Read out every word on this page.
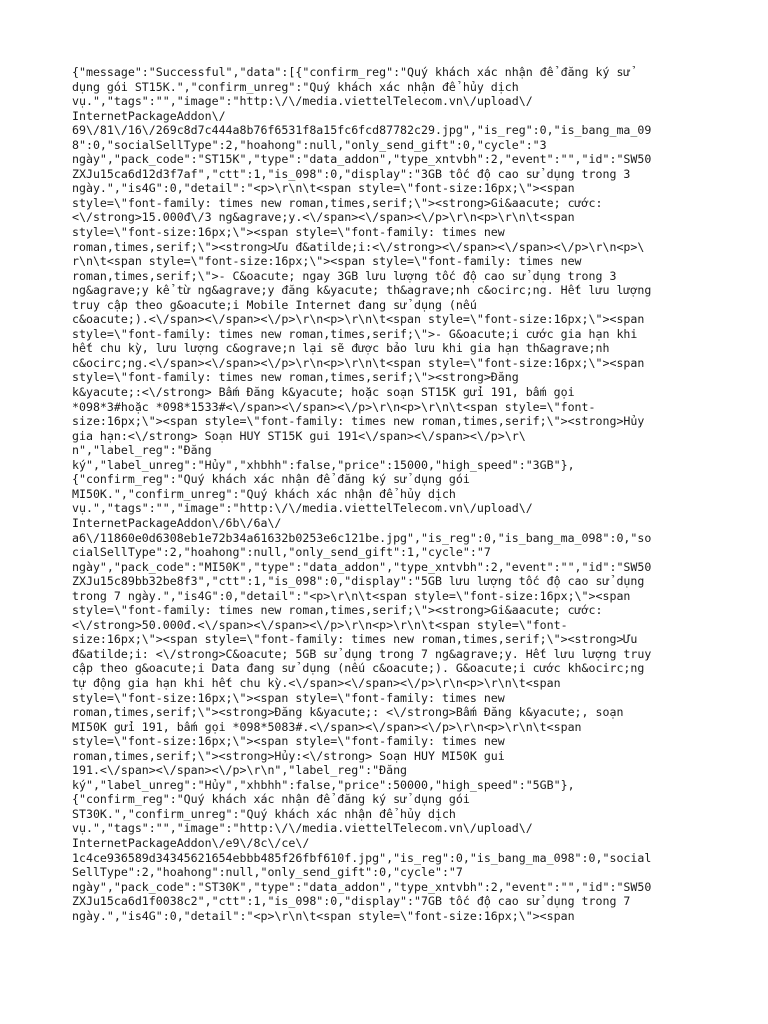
{"message":"Successful","data":[{"confirm_reg":"Quý khách xác nhận để đăng ký sử
dụng gói ST15K.","confirm_unreg":"Quý khách xác nhận để hủy dịch
vụ.","tags":"","image":"http:\/\/media.viettelTelecom.vn\/upload\/
InternetPackageAddon\/
69\/81\/16\/269c8d7c444a8b76f6531f8a15fc6fcd87782c29.jpg","is_reg":0,"is_bang_ma_09
8":0,"socialSellType":2,"hoahong":null,"only_send_gift":0,"cycle":"3
ngày","pack_code":"ST15K","type":"data_addon","type_xntvbh":2,"event":"","id":"SW50
ZXJu15ca6d12d3f7af","ctt":1,"is_098":0,"display":"3GB tốc độ cao sử dụng trong 3
ngày.","is4G":0,"detail":"<p>\r\n\t<span style=\"font-size:16px;\"><span
style=\"font-family: times new roman,times,serif;\"><strong>Gi&aacute; cước:
<\/strong>15.000đ\/3 ng&agrave;y.<\/span><\/span><\/p>\r\n<p>\r\n\t<span
style=\"font-size:16px;\"><span style=\"font-family: times new
roman,times,serif;\"><strong>Ưu đ&atilde;i:<\/strong><\/span><\/span><\/p>\r\n<p>\
r\n\t<span style=\"font-size:16px;\"><span style=\"font-family: times new
roman,times,serif;\">- C&oacute; ngay 3GB lưu lượng tốc độ cao sử dụng trong 3
ng&agrave;y kể từ ng&agrave;y đăng k&yacute; th&agrave;nh c&ocirc;ng. Hết lưu lượng
truy cập theo g&oacute;i Mobile Internet đang sử dụng (nếu
c&oacute;).<\/span><\/span><\/p>\r\n<p>\r\n\t<span style=\"font-size:16px;\"><span
style=\"font-family: times new roman,times,serif;\">- G&oacute;i cước gia hạn khi
hết chu kỳ, lưu lượng c&ograve;n lại sẽ được bảo lưu khi gia hạn th&agrave;nh
c&ocirc;ng.<\/span><\/span><\/p>\r\n<p>\r\n\t<span style=\"font-size:16px;\"><span
style=\"font-family: times new roman,times,serif;\"><strong>Đăng
k&yacute;:<\/strong> Bấm Đăng k&yacute; hoặc soạn ST15K gửi 191, bấm gọi
*098*3#hoặc *098*1533#<\/span><\/span><\/p>\r\n<p>\r\n\t<span style=\"font-
size:16px;\"><span style=\"font-family: times new roman,times,serif;\"><strong>Hủy
gia hạn:<\/strong> Soạn HUY ST15K gui 191<\/span><\/span><\/p>\r\
n","label_reg":"Đăng
ký","label_unreg":"Hủy","xhbhh":false,"price":15000,"high_speed":"3GB"},
{"confirm_reg":"Quý khách xác nhận để đăng ký sử dụng gói
MI50K.","confirm_unreg":"Quý khách xác nhận để hủy dịch
vụ.","tags":"","image":"http:\/\/media.viettelTelecom.vn\/upload\/
InternetPackageAddon\/6b\/6a\/
a6\/11860e0d6308eb1e72b34a61632b0253e6c121be.jpg","is_reg":0,"is_bang_ma_098":0,"so
cialSellType":2,"hoahong":null,"only_send_gift":1,"cycle":"7
ngày","pack_code":"MI50K","type":"data_addon","type_xntvbh":2,"event":"","id":"SW50
ZXJu15c89bb32be8f3","ctt":1,"is_098":0,"display":"5GB lưu lượng tốc độ cao sử dụng
trong 7 ngày.","is4G":0,"detail":"<p>\r\n\t<span style=\"font-size:16px;\"><span
style=\"font-family: times new roman,times,serif;\"><strong>Gi&aacute; cước:
<\/strong>50.000đ.<\/span><\/span><\/p>\r\n<p>\r\n\t<span style=\"font-
size:16px;\"><span style=\"font-family: times new roman,times,serif;\"><strong>Ưu
đ&atilde;i: <\/strong>C&oacute; 5GB sử dụng trong 7 ng&agrave;y. Hết lưu lượng truy
cập theo g&oacute;i Data đang sử dụng (nếu c&oacute;). G&oacute;i cước kh&ocirc;ng
tự động gia hạn khi hết chu kỳ.<\/span><\/span><\/p>\r\n<p>\r\n\t<span
style=\"font-size:16px;\"><span style=\"font-family: times new
roman,times,serif;\"><strong>Đăng k&yacute;: <\/strong>Bấm Đăng k&yacute;, soạn
MI50K gửi 191, bấm gọi *098*5083#.<\/span><\/span><\/p>\r\n<p>\r\n\t<span
style=\"font-size:16px;\"><span style=\"font-family: times new
roman,times,serif;\"><strong>Hủy:<\/strong> Soạn HUY MI50K gui
191.<\/span><\/span><\/p>\r\n","label_reg":"Đăng
ký","label_unreg":"Hủy","xhbhh":false,"price":50000,"high_speed":"5GB"},
{"confirm_reg":"Quý khách xác nhận để đăng ký sử dụng gói
ST30K.","confirm_unreg":"Quý khách xác nhận để hủy dịch
vụ.","tags":"","image":"http:\/\/media.viettelTelecom.vn\/upload\/
InternetPackageAddon\/e9\/8c\/ce\/
1c4ce936589d34345621654ebbb485f26fbf610f.jpg","is_reg":0,"is_bang_ma_098":0,"social
SellType":2,"hoahong":null,"only_send_gift":0,"cycle":"7
ngày","pack_code":"ST30K","type":"data_addon","type_xntvbh":2,"event":"","id":"SW50
ZXJu15ca6d1f0038c2","ctt":1,"is_098":0,"display":"7GB tốc độ cao sử dụng trong 7
ngày.","is4G":0,"detail":"<p>\r\n\t<span style=\"font-size:16px;\"><span
